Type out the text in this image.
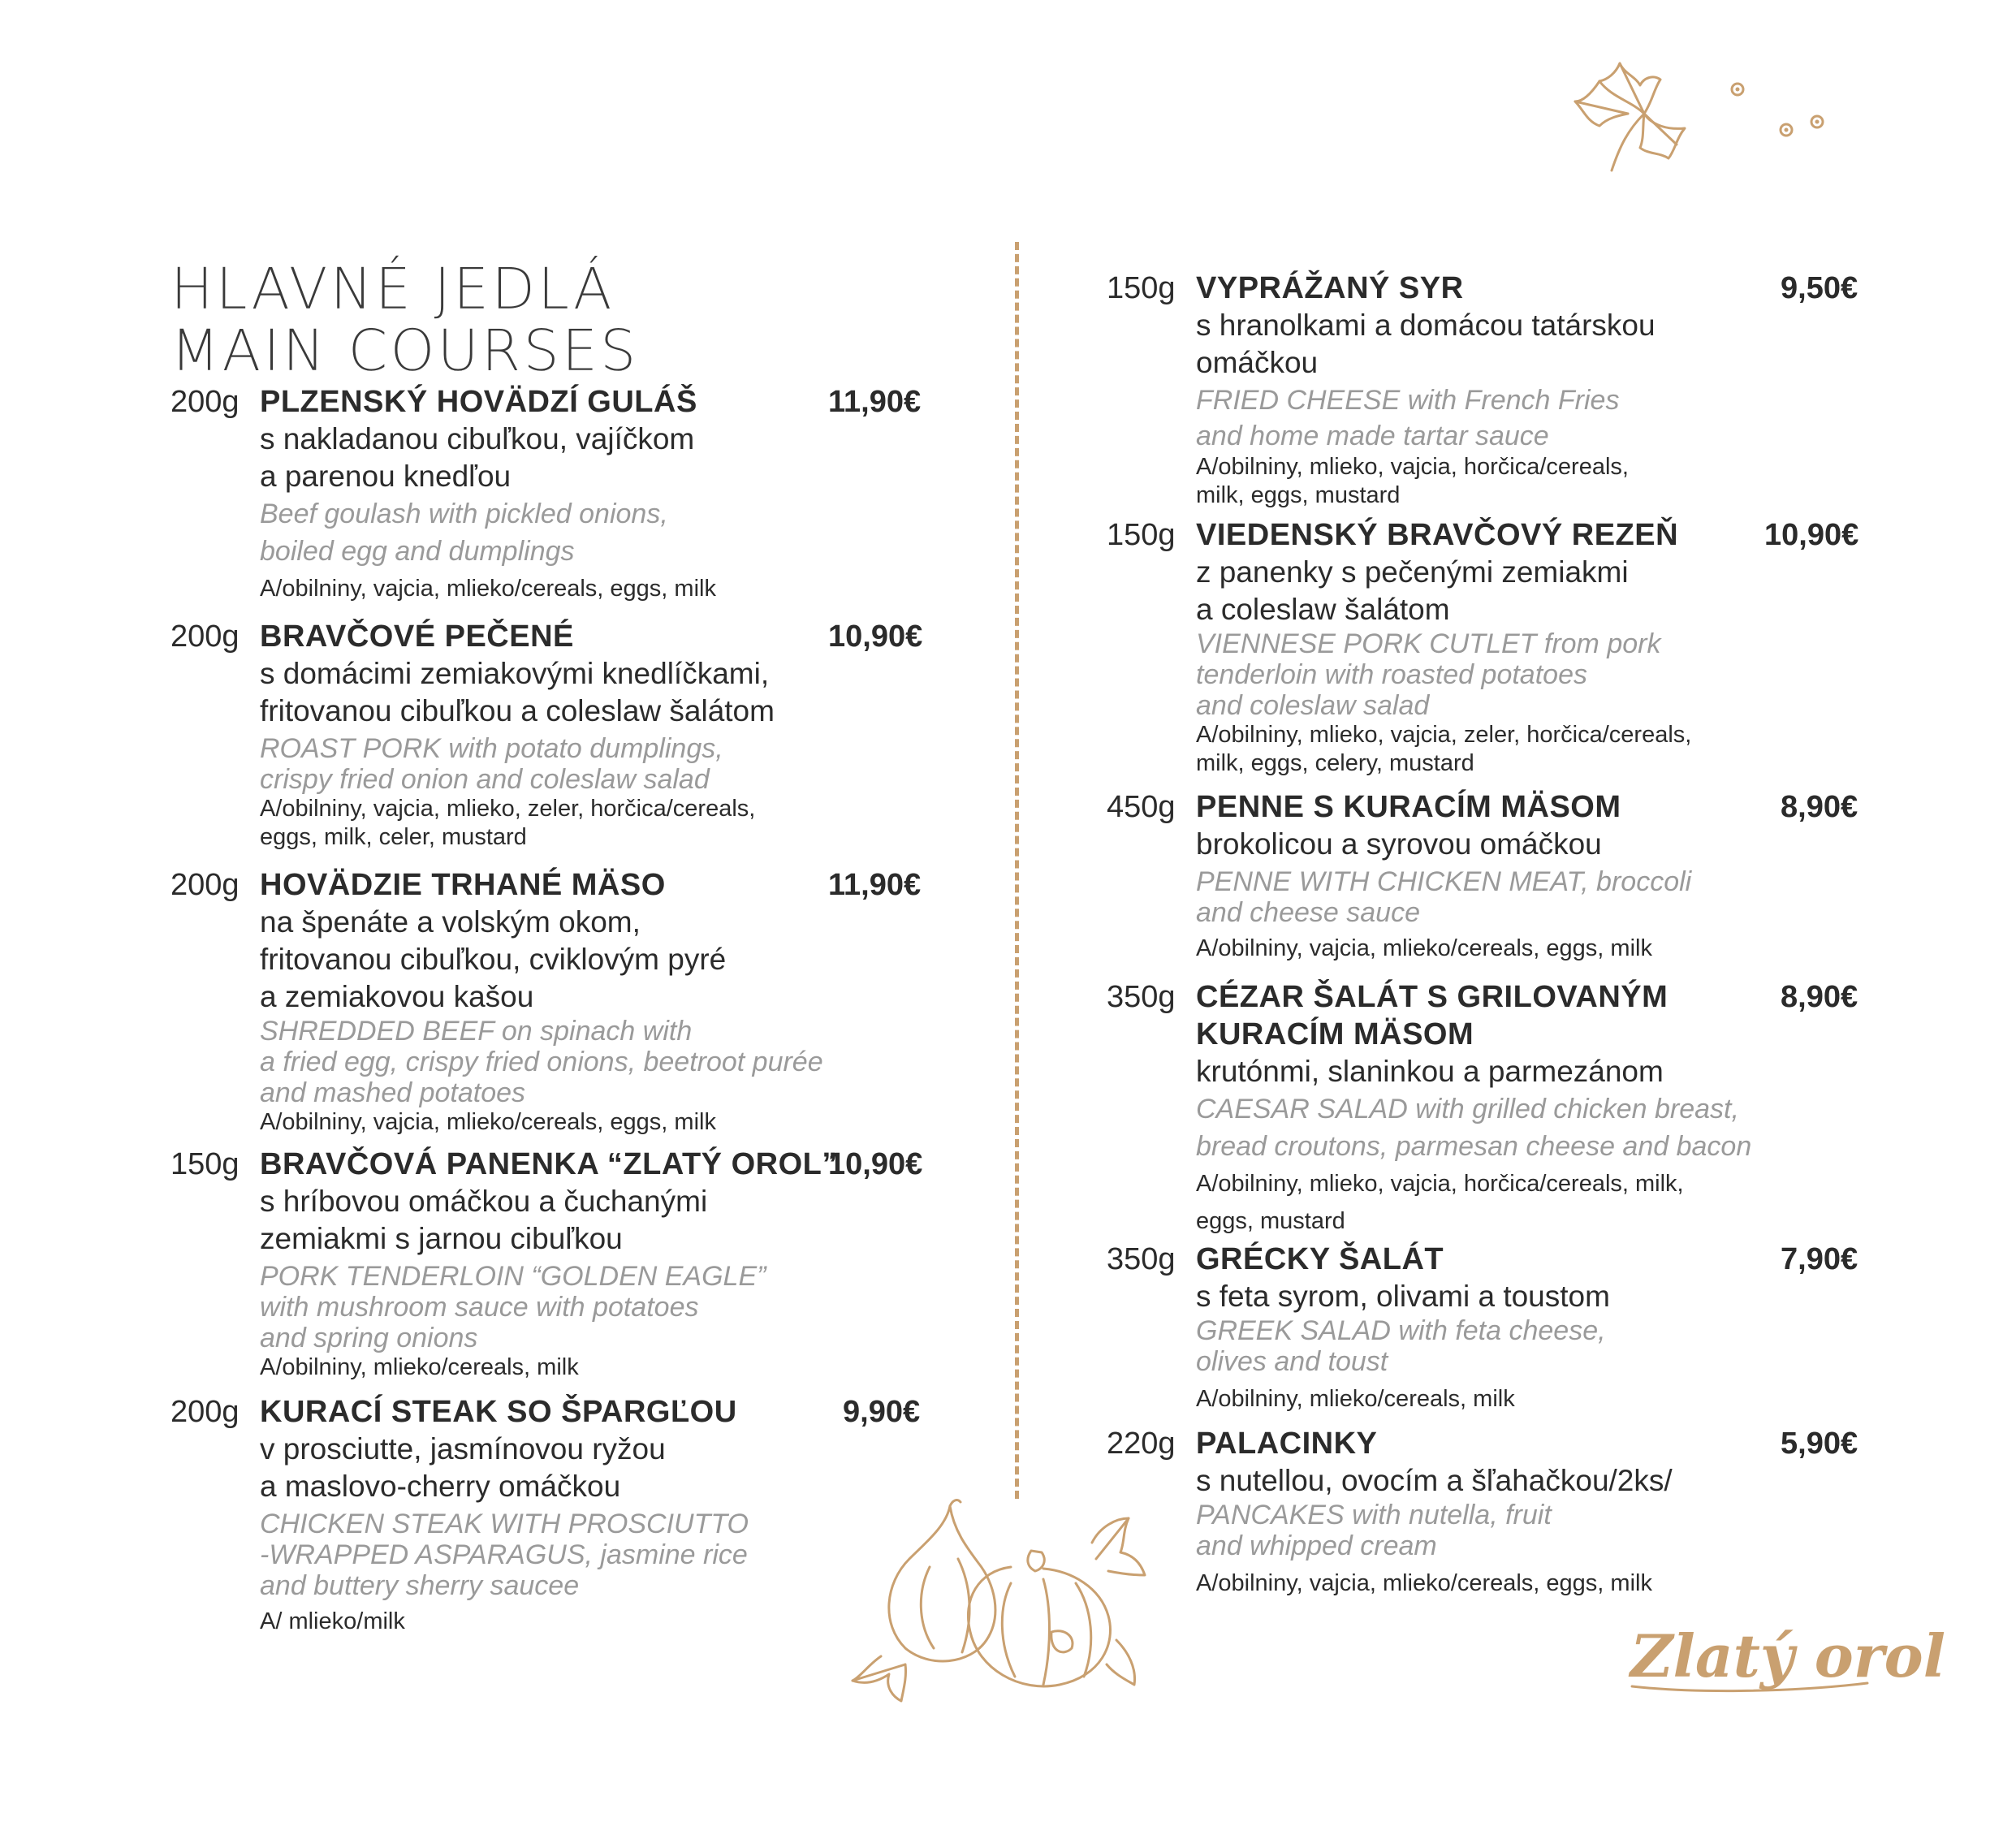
HLAVNÉ JEDLÁ
MAIN COURSES
200g PLZENSKÝ HOVÄDZÍ GULÁŠ
s nakladanou cibuľkou, vajíčkom
a parenou knedľou
Beef goulash with pickled onions,
boiled egg and dumplings
A/obilniny, vajcia, mlieko/cereals, eggs, milk
11,90€
200g BRAVČOVÉ PEČENÉ
s domácimi zemiakovými knedlíčkami,
fritovanou cibuľkou a coleslaw šalátom
ROAST PORK with potato dumplings,
crispy fried onion and coleslaw salad
A/obilniny, vajcia, mlieko, zeler, horčica/cereals,
eggs, milk, celer, mustard
10,90€
200g HOVÄDZIE TRHANÉ MÄSO
na špenáte a volským okom,
fritovanou cibuľkou, cviklovým pyré
a zemiakovou kašou
SHREDDED BEEF on spinach with
a fried egg, crispy fried onions, beetroot purée
and mashed potatoes
A/obilniny, vajcia, mlieko/cereals, eggs, milk
11,90€
150g BRAVČOVÁ PANENKA “ZLATÝ OROL”
s hríbovou omáčkou a čuchanými
zemiakmi s jarnou cibuľkou
PORK TENDERLOIN “GOLDEN EAGLE”
with mushroom sauce with potatoes
and spring onions
A/obilniny, mlieko/cereals, milk
10,90€
200g KURACÍ STEAK SO ŠPARGĽOU
v prosciutte, jasmínovou ryžou
a maslovo-cherry omáčkou
CHICKEN STEAK WITH PROSCIUTTO
-WRAPPED ASPARAGUS, jasmine rice
and buttery sherry saucee
A/ mlieko/milk
9,90€
150g VYPRÁŽANÝ SYR
s hranolkami a domácou tatárskou
omáčkou
FRIED CHEESE with French Fries
and home made tartar sauce
A/obilniny, mlieko, vajcia, horčica/cereals,
milk, eggs, mustard
9,50€
150g VIEDENSKÝ BRAVČOVÝ REZEŇ
z panenky s pečenými zemiakmi
a coleslaw šalátom
VIENNESE PORK CUTLET from pork
tenderloin with roasted potatoes
and coleslaw salad
A/obilniny, mlieko, vajcia, zeler, horčica/cereals,
milk, eggs, celery, mustard
10,90€
450g PENNE S KURACÍM MÄSOM
brokolicou a syrovou omáčkou
PENNE WITH CHICKEN MEAT, broccoli
and cheese sauce
A/obilniny, vajcia, mlieko/cereals, eggs, milk
8,90€
350g CÉZAR ŠALÁT S GRILOVANÝM
KURACÍM MÄSOM
krutónmi, slaninkou a parmezánom
CAESAR SALAD with grilled chicken breast,
bread croutons, parmesan cheese and bacon
A/obilniny, mlieko, vajcia, horčica/cereals, milk,
eggs, mustard
8,90€
350g GRÉCKY ŠALÁT
s feta syrom, olivami a toustom
GREEK SALAD with feta cheese,
olives and toust
A/obilniny, mlieko/cereals, milk
7,90€
220g PALACINKY
s nutellou, ovocím a šľahačkou/2ks/
PANCAKES with nutella, fruit
and whipped cream
A/obilniny, vajcia, mlieko/cereals, eggs, milk
5,90€
Zlatý orol
